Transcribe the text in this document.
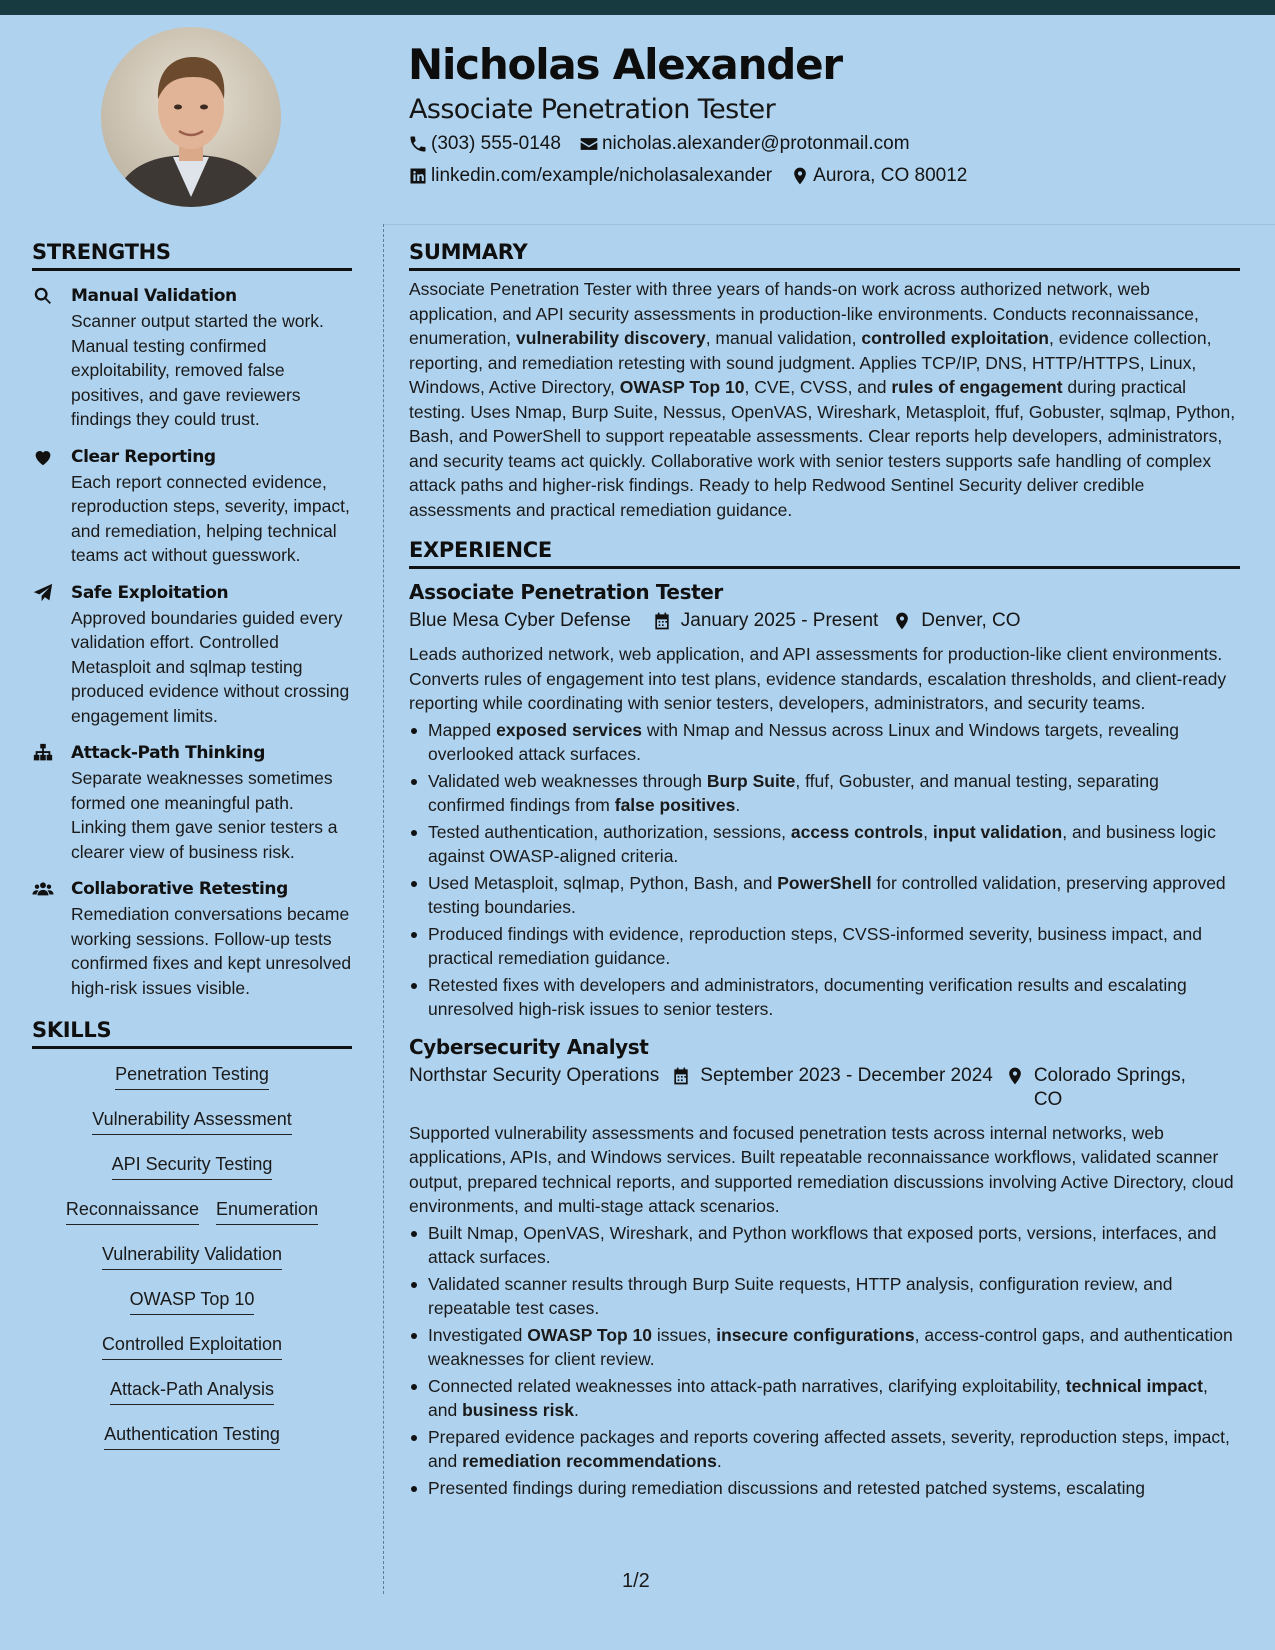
Nicholas Alexander
Associate Penetration Tester
(303) 555-0148 nicholas.alexander@protonmail.com
linkedin.com/example/nicholasalexander Aurora, CO 80012
STRENGTHS
Manual Validation
Scanner output started the work. Manual testing confirmed exploitability, removed false positives, and gave reviewers findings they could trust.
Clear Reporting
Each report connected evidence, reproduction steps, severity, impact, and remediation, helping technical teams act without guesswork.
Safe Exploitation
Approved boundaries guided every validation effort. Controlled Metasploit and sqlmap testing produced evidence without crossing engagement limits.
Attack-Path Thinking
Separate weaknesses sometimes formed one meaningful path. Linking them gave senior testers a clearer view of business risk.
Collaborative Retesting
Remediation conversations became working sessions. Follow-up tests confirmed fixes and kept unresolved high-risk issues visible.
SKILLS
Penetration Testing
Vulnerability Assessment
API Security Testing
Reconnaissance Enumeration
Vulnerability Validation
OWASP Top 10
Controlled Exploitation
Attack-Path Analysis
Authentication Testing
SUMMARY

Associate Penetration Tester with three years of hands-on work across authorized network, web application, and API security assessments in production-like environments. Conducts reconnaissance, enumeration, vulnerability discovery, manual validation, controlled exploitation, evidence collection, reporting, and remediation retesting with sound judgment. Applies TCP/IP, DNS, HTTP/HTTPS, Linux, Windows, Active Directory, OWASP Top 10, CVE, CVSS, and rules of engagement during practical testing. Uses Nmap, Burp Suite, Nessus, OpenVAS, Wireshark, Metasploit, ffuf, Gobuster, sqlmap, Python, Bash, and PowerShell to support repeatable assessments. Clear reports help developers, administrators, and security teams act quickly. Collaborative work with senior testers supports safe handling of complex attack paths and higher-risk findings. Ready to help Redwood Sentinel Security deliver credible assessments and practical remediation guidance.

EXPERIENCE
Associate Penetration Tester
Blue Mesa Cyber Defense	January 2025 - Present Denver, CO
Leads authorized network, web application, and API assessments for production-like client environments. Converts rules of engagement into test plans, evidence standards, escalation thresholds, and client-ready reporting while coordinating with senior testers, developers, administrators, and security teams.
Mapped exposed services with Nmap and Nessus across Linux and Windows targets, revealing overlooked attack surfaces.
Validated web weaknesses through Burp Suite, ffuf, Gobuster, and manual testing, separating confirmed findings from false positives.
Tested authentication, authorization, sessions, access controls, input validation, and business logic against OWASP-aligned criteria.
Used Metasploit, sqlmap, Python, Bash, and PowerShell for controlled validation, preserving approved testing boundaries.
Produced findings with evidence, reproduction steps, CVSS-informed severity, business impact, and practical remediation guidance.
Retested fixes with developers and administrators, documenting verification results and escalating unresolved high-risk issues to senior testers.
Cybersecurity Analyst
Northstar Security Operations September 2023 - December 2024 Colorado Springs, CO
Supported vulnerability assessments and focused penetration tests across internal networks, web applications, APIs, and Windows services. Built repeatable reconnaissance workflows, validated scanner output, prepared technical reports, and supported remediation discussions involving Active Directory, cloud environments, and multi-stage attack scenarios.
Built Nmap, OpenVAS, Wireshark, and Python workflows that exposed ports, versions, interfaces, and attack surfaces.
Validated scanner results through Burp Suite requests, HTTP analysis, configuration review, and repeatable test cases.
Investigated OWASP Top 10 issues, insecure configurations, access-control gaps, and authentication weaknesses for client review.
Connected related weaknesses into attack-path narratives, clarifying exploitability, technical impact, and business risk.
Prepared evidence packages and reports covering affected assets, severity, reproduction steps, impact, and remediation recommendations.
Presented findings during remediation discussions and retested patched systems, escalating
1/2
